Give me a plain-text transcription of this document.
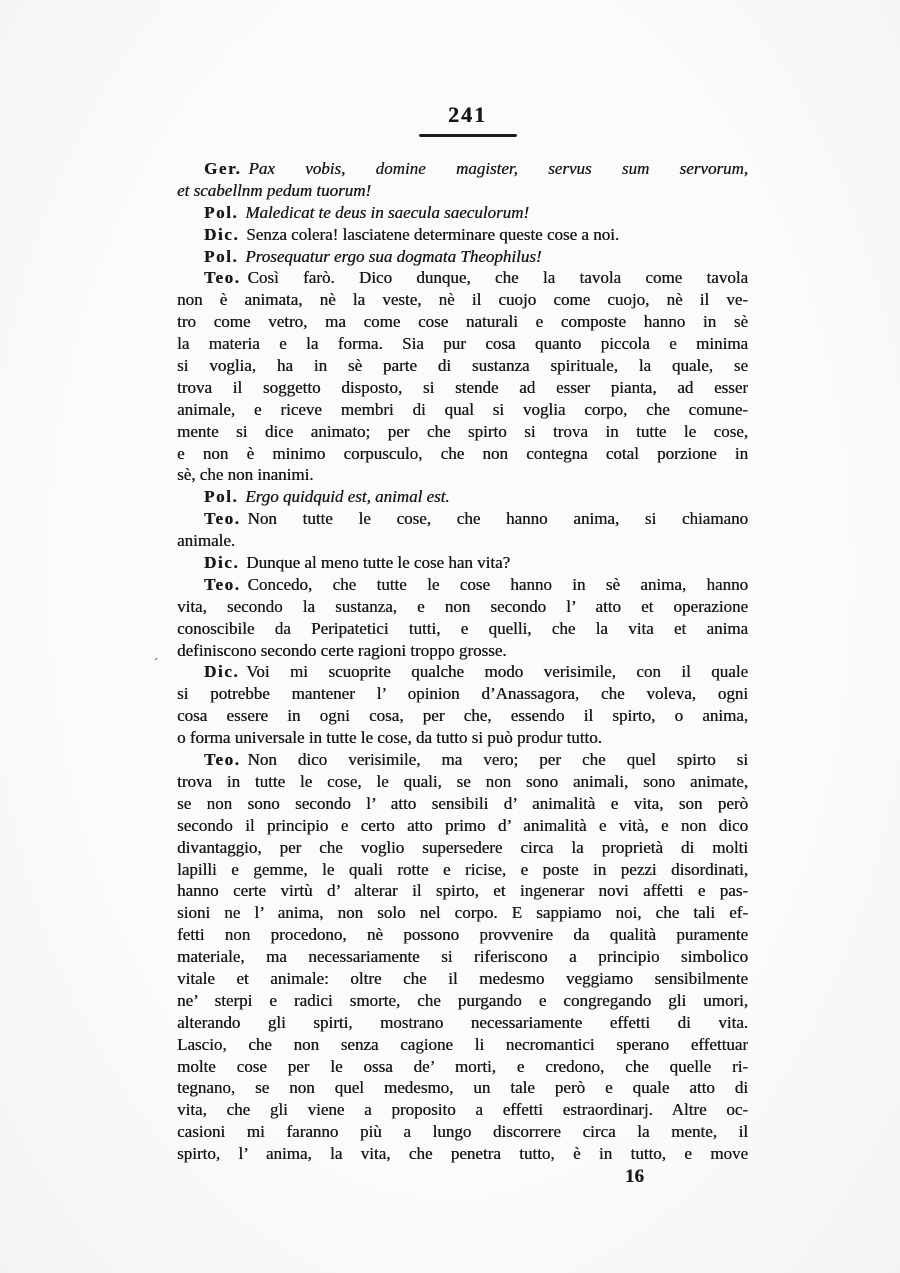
´
241
Ger. Pax vobis, domine magister, servus sum servorum,
et scabellnm pedum tuorum!
Pol. Maledicat te deus in saecula saeculorum!
Dic. Senza colera! lasciatene determinare queste cose a noi.
Pol. Prosequatur ergo sua dogmata Theophilus!
Teo. Così farò. Dico dunque, che la tavola come tavola
non è animata, nè la veste, nè il cuojo come cuojo, nè il ve-
tro come vetro, ma come cose naturali e composte hanno in sè
la materia e la forma. Sia pur cosa quanto piccola e minima
si voglia, ha in sè parte di sustanza spirituale, la quale, se
trova il soggetto disposto, si stende ad esser pianta, ad esser
animale, e riceve membri di qual si voglia corpo, che comune-
mente si dice animato; per che spirto si trova in tutte le cose,
e non è minimo corpusculo, che non contegna cotal porzione in
sè, che non inanimi.
Pol. Ergo quidquid est, animal est.
Teo. Non tutte le cose, che hanno anima, si chiamano
animale.
Dic. Dunque al meno tutte le cose han vita?
Teo. Concedo, che tutte le cose hanno in sè anima, hanno
vita, secondo la sustanza, e non secondo l’ atto et operazione
conoscibile da Peripatetici tutti, e quelli, che la vita et anima
definiscono secondo certe ragioni troppo grosse.
Dic. Voi mi scuoprite qualche modo verisimile, con il quale
si potrebbe mantener l’ opinion d’Anassagora, che voleva, ogni
cosa essere in ogni cosa, per che, essendo il spirto, o anima,
o forma universale in tutte le cose, da tutto si può produr tutto.
Teo. Non dico verisimile, ma vero; per che quel spirto si
trova in tutte le cose, le quali, se non sono animali, sono animate,
se non sono secondo l’ atto sensibili d’ animalità e vita, son però
secondo il principio e certo atto primo d’ animalità e vità, e non dico
divantaggio, per che voglio supersedere circa la proprietà di molti
lapilli e gemme, le quali rotte e ricise, e poste in pezzi disordinati,
hanno certe virtù d’ alterar il spirto, et ingenerar novi affetti e pas-
sioni ne l’ anima, non solo nel corpo. E sappiamo noi, che tali ef-
fetti non procedono, nè possono provvenire da qualità puramente
materiale, ma necessariamente si riferiscono a principio simbolico
vitale et animale: oltre che il medesmo veggiamo sensibilmente
ne’ sterpi e radici smorte, che purgando e congregando gli umori,
alterando gli spirti, mostrano necessariamente effetti di vita.
Lascio, che non senza cagione li necromantici sperano effettuar
molte cose per le ossa de’ morti, e credono, che quelle ri-
tegnano, se non quel medesmo, un tale però e quale atto di
vita, che gli viene a proposito a effetti estraordinarj. Altre oc-
casioni mi faranno più a lungo discorrere circa la mente, il
spirto, l’ anima, la vita, che penetra tutto, è in tutto, e move
16
